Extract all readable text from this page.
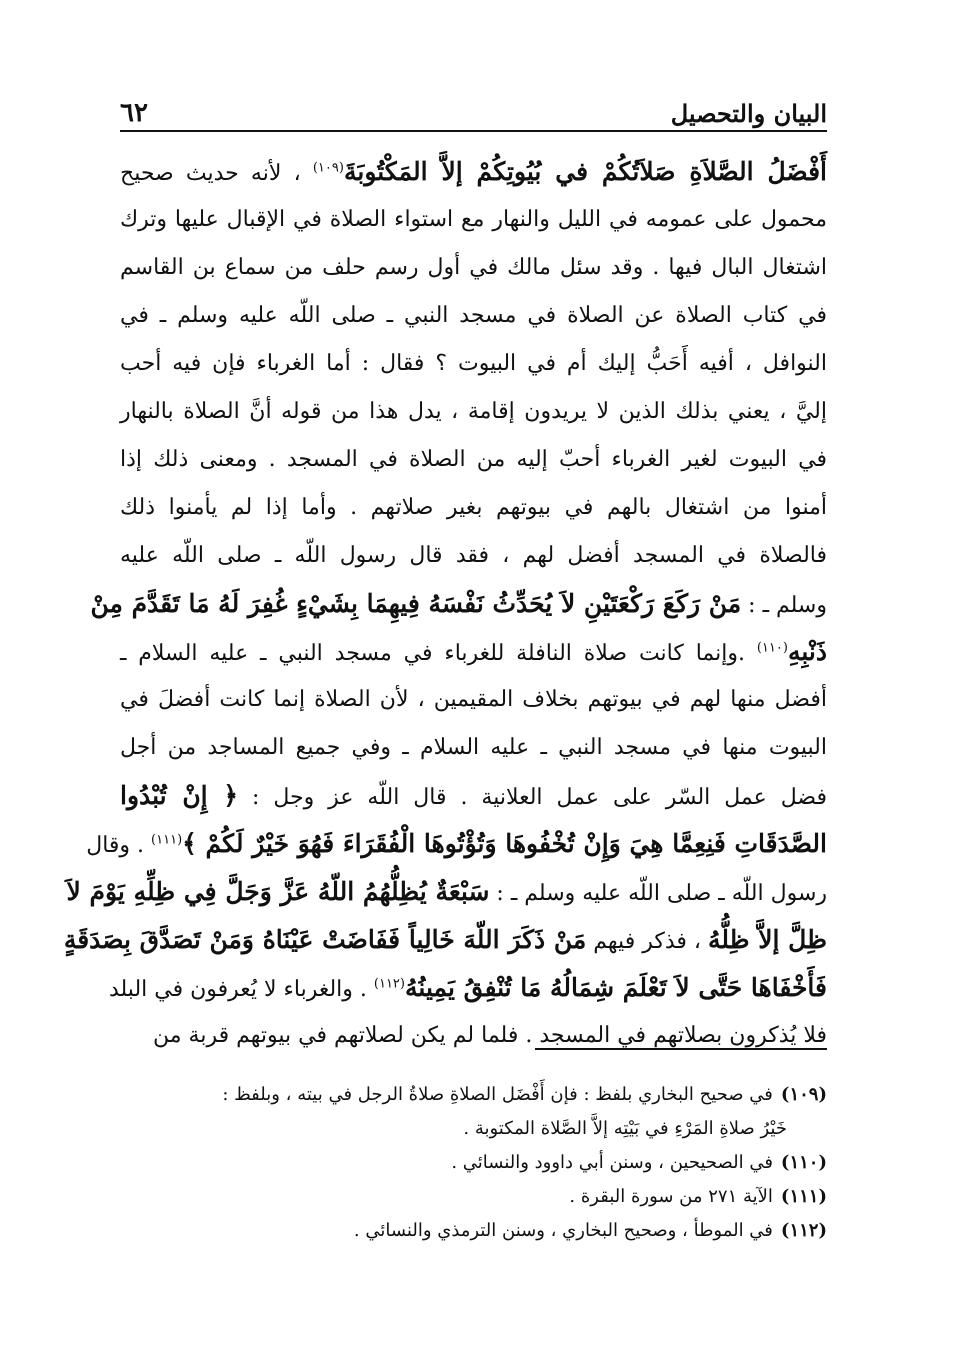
البيان والتحصيل
٦٢
أَفْضَلُ الصَّلاَةِ صَلاَتُكُمْ في بُيُوتِكُمْ إلاَّ المَكْتُوبَةَ$^{(١٠٩)}$ ، لأنه حديث صحيح
محمول على عمومه في الليل والنهار مع استواء الصلاة في الإقبال عليها وترك
اشتغال البال فيها . وقد سئل مالك في أول رسم حلف من سماع بن القاسم
في كتاب الصلاة عن الصلاة في مسجد النبي ـ صلى اللّه عليه وسلم ـ في
النوافل ، أفيه أَحَبُّ إليك أم في البيوت ؟ فقال : أما الغرباء فإن فيه أحب
إليَّ ، يعني بذلك الذين لا يريدون إقامة ، يدل هذا من قوله أنَّ الصلاة بالنهار
في البيوت لغير الغرباء أحبّ إليه من الصلاة في المسجد . ومعنى ذلك إذا
أمنوا من اشتغال بالهم في بيوتهم بغير صلاتهم . وأما إذا لم يأمنوا ذلك
فالصلاة في المسجد أفضل لهم ، فقد قال رسول اللّه ـ صلى اللّه عليه
وسلم ـ : مَنْ رَكَعَ رَكْعَتَيْنِ لاَ يُحَدِّثُ نَفْسَهُ فِيهِمَا بِشَيْءٍ غُفِرَ لَهُ مَا تَقَدَّمَ مِنْ
ذَنْبِهِ$^{(١١٠)}$ .وإنما كانت صلاة النافلة للغرباء في مسجد النبي ـ عليه السلام ـ
أفضل منها لهم في بيوتهم بخلاف المقيمين ، لأن الصلاة إنما كانت أفضلَ في
البيوت منها في مسجد النبي ـ عليه السلام ـ وفي جميع المساجد من أجل
فضل عمل السّر على عمل العلانية . قال اللّه عز وجل : ﴿ إِنْ تُبْدُوا
الصَّدَقَاتِ فَنِعِمَّا هِيَ وَإِنْ تُخْفُوهَا وَتُؤْتُوهَا الْفُقَرَاءَ فَهُوَ خَيْرٌ لَكُمْ ﴾$^{(١١١)}$ . وقال
رسول اللّه ـ صلى اللّه عليه وسلم ـ : سَبْعَةٌ يُظِلُّهُمُ اللّهُ عَزَّ وَجَلَّ فِي ظِلِّهِ يَوْمَ لاَ
ظِلَّ إلاَّ ظِلُّهُ ، فذكر فيهم مَنْ ذَكَرَ اللّهَ خَالِياً فَفَاضَتْ عَيْنَاهُ وَمَنْ تَصَدَّقَ بِصَدَقَةٍ
فَأَخْفَاهَا حَتَّى لاَ تَعْلَمَ شِمَالُهُ مَا تُنْفِقُ يَمِينُهُ$^{(١١٢)}$ . والغرباء لا يُعرفون في البلد
فلا يُذكرون بصلاتهم في المسجد . فلما لم يكن لصلاتهم في بيوتهم قربة من
(١٠٩)في صحيح البخاري بلفظ : فإن أَفْضَل الصلاةِ صلاةُ الرجل في بيته ، وبلفظ :
خَيْرُ صلاةِ المَرْءِ في بَيْتِه إلاَّ الصَّلاة المكتوبة .
(١١٠)في الصحيحين ، وسنن أبي داوود والنسائي .
(١١١)الآية ٢٧١ من سورة البقرة .
(١١٢)في الموطأ ، وصحيح البخاري ، وسنن الترمذي والنسائي .
